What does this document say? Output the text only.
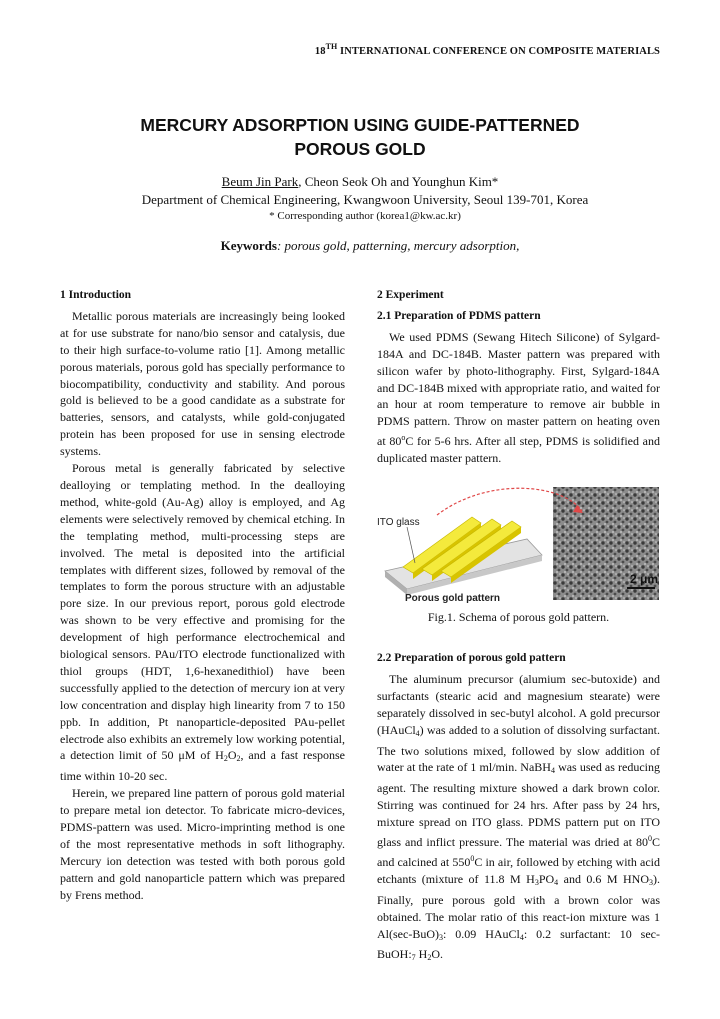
18TH INTERNATIONAL CONFERENCE ON COMPOSITE MATERIALS
MERCURY ADSORPTION USING GUIDE-PATTERNED
POROUS GOLD
Beum Jin Park, Cheon Seok Oh and Younghun Kim*
Department of Chemical Engineering, Kwangwoon University, Seoul 139-701, Korea
* Corresponding author (korea1@kw.ac.kr)
Keywords: porous gold, patterning, mercury adsorption,
1 Introduction

Metallic porous materials are increasingly being looked at for use substrate for nano/bio sensor and catalysis, due to their high surface-to-volume ratio [1]. Among metallic porous materials, porous gold has specially performance to biocompatibility, conductivity and stability. And porous gold is believed to be a good candidate as a substrate for batteries, sensors, and catalysts, while gold-conjugated protein has been proposed for use in sensing electrode systems.

Porous metal is generally fabricated by selective dealloying or templating method. In the dealloying method, white-gold (Au-Ag) alloy is employed, and Ag elements were selectively removed by chemical etching. In the templating method, multi-processing steps are involved. The metal is deposited into the artificial templates with different sizes, followed by removal of the templates to form the porous structure with an adjustable pore size. In our previous report, porous gold electrode was shown to be very effective and promising for the development of high performance electrochemical and biological sensors. PAu/ITO electrode functionalized with thiol groups (HDT, 1,6-hexanedithiol) have been successfully applied to the detection of mercury ion at very low concentration and display high linearity from 7 to 150 ppb. In addition, Pt nanoparticle-deposited PAu-pellet electrode also exhibits an extremely low working potential, a detection limit of 50 μM of $H_2O_2$, and a fast response time within 10-20 sec.

Herein, we prepared line pattern of porous gold material to prepare metal ion detector. To fabricate micro-devices, PDMS-pattern was used. Micro-imprinting method is one of the most representative methods in soft lithography. Mercury ion detection was tested with both porous gold pattern and gold nanoparticle pattern which was prepared by Frens method.

2 Experiment
2.1 Preparation of PDMS pattern

We used PDMS (Sewang Hitech Silicone) of Sylgard-184A and DC-184B. Master pattern was prepared with silicon wafer by photo-lithography. First, Sylgard-184A and DC-184B mixed with appropriate ratio, and waited for an hour at room temperature to remove air bubble in PDMS pattern. Throw on master pattern on heating oven at 80$^o$C for 5-6 hrs. After all step, PDMS is solidified and duplicated master pattern.

2 μm
ITO glass
Porous gold pattern
Fig.1. Schema of porous gold pattern.
2.2 Preparation of porous gold pattern

The aluminum precursor (alumium sec-butoxide) and surfactants (stearic acid and magnesium stearate) were separately dissolved in sec-butyl alcohol. A gold precursor (HAuCl$_4$) was added to a solution of dissolving surfactant. The two solutions mixed, followed by slow addition of water at the rate of 1 ml/min. NaBH$_4$ was used as reducing agent. The resulting mixture showed a dark brown color. Stirring was continued for 24 hrs. After pass by 24 hrs, mixture spread on ITO glass. PDMS pattern put on ITO glass and inflict pressure. The material was dried at $80^0C$ and calcined at $550^0C$ in air, followed by etching with acid etchants (mixture of 11.8 M $H_3PO_4$ and 0.6 M $HNO_3$). Finally, pure porous gold with a brown color was obtained. The molar ratio of this react-ion mixture was 1 $Al(\sec-BuO)_3$: 0.09 HAuCl$_4$: 0.2 surfactant: 10 $\sec-BuOH:_7$ $H_2O$.
